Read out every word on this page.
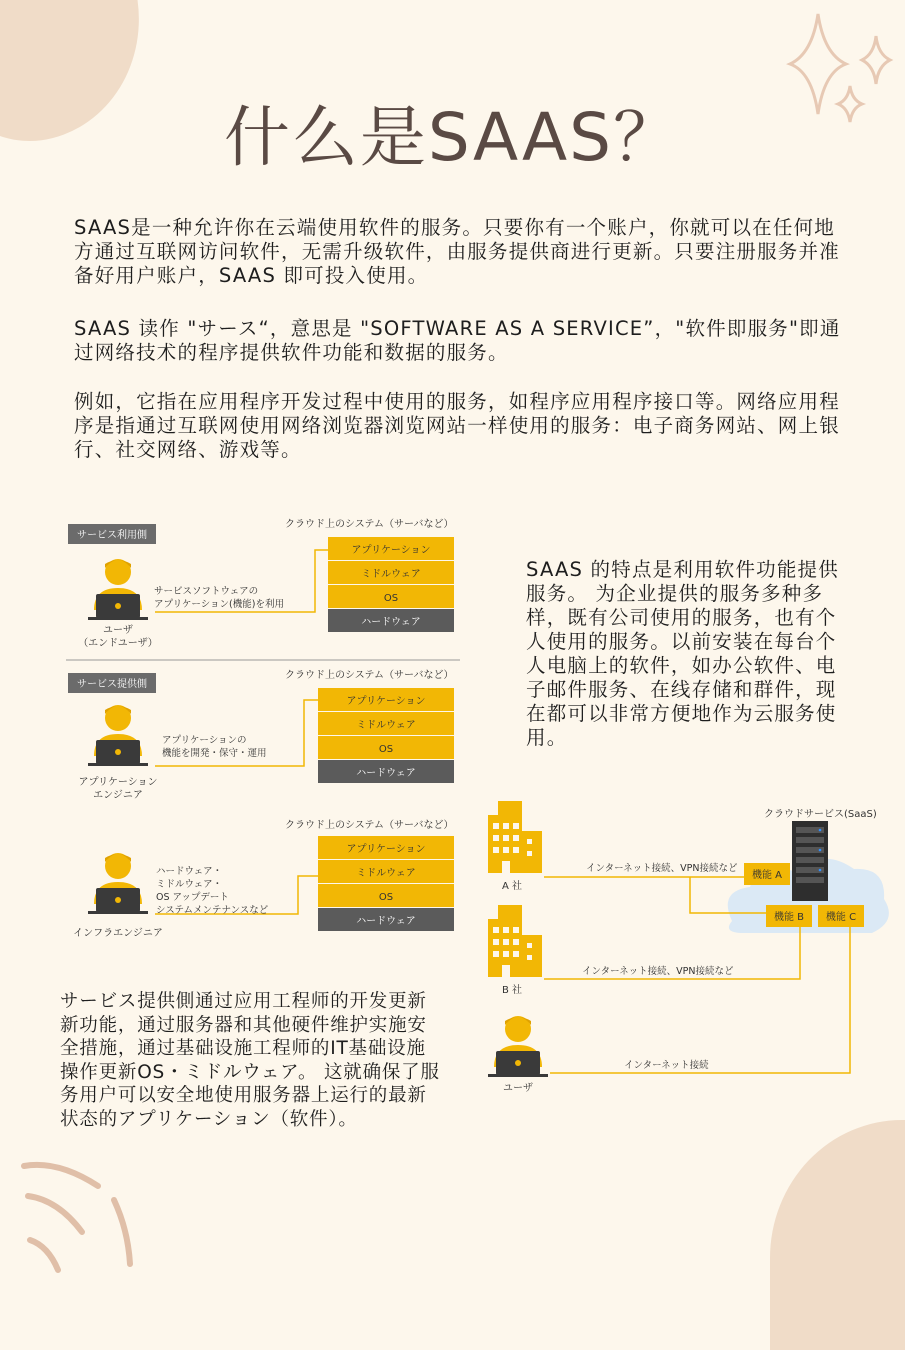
什么是SAAS？

SAAS是一种允许你在云端使用软件的服务。只要你有一个账户，你就可以在任何地方通过互联网访问软件，无需升级软件，由服务提供商进行更新。只要注册服务并准备好用户账户，SAAS 即可投入使用。

SAAS 读作 "サース“，意思是 "SOFTWARE AS A SERVICE”，"软件即服务"即通过网络技术的程序提供软件功能和数据的服务。

例如，它指在应用程序开发过程中使用的服务，如程序应用程序接口等。网络应用程序是指通过互联网使用网络浏览器浏览网站一样使用的服务：电子商务网站、网上银行、社交网络、游戏等。

SAAS 的特点是利用软件功能提供服务。 为企业提供的服务多种多样，既有公司使用的服务，也有个人使用的服务。以前安装在每台个人电脑上的软件，如办公软件、电子邮件服务、在线存储和群件，现在都可以非常方便地作为云服务使用。

サービス提供側通过应用工程师的开发更新新功能，通过服务器和其他硬件维护实施安全措施，通过基础设施工程师的IT基础设施操作更新OS・ミドルウェア。 这就确保了服务用户可以安全地使用服务器上运行的最新状态的アプリケーション（软件）。

サービス利用側
クラウド上のシステム（サーバなど）
アプリケーション
ミドルウェア
OS
ハードウェア
サービスソフトウェアの
アプリケーション(機能)を利用
ユーザ
（エンドユーザ）
サービス提供側
クラウド上のシステム（サーバなど）
アプリケーション
ミドルウェア
OS
ハードウェア
アプリケーションの
機能を開発・保守・運用
アプリケーション
エンジニア
クラウド上のシステム（サーバなど）
アプリケーション
ミドルウェア
OS
ハードウェア
ハードウェア・
ミドルウェア・
OS アップデート
システムメンテナンスなど
インフラエンジニア
クラウドサービス(SaaS)
機能 A
機能 B 機能 C
A 社
B 社
ユーザ
インターネット接続、VPN接続など
インターネット接続、VPN接続など
インターネット接続
